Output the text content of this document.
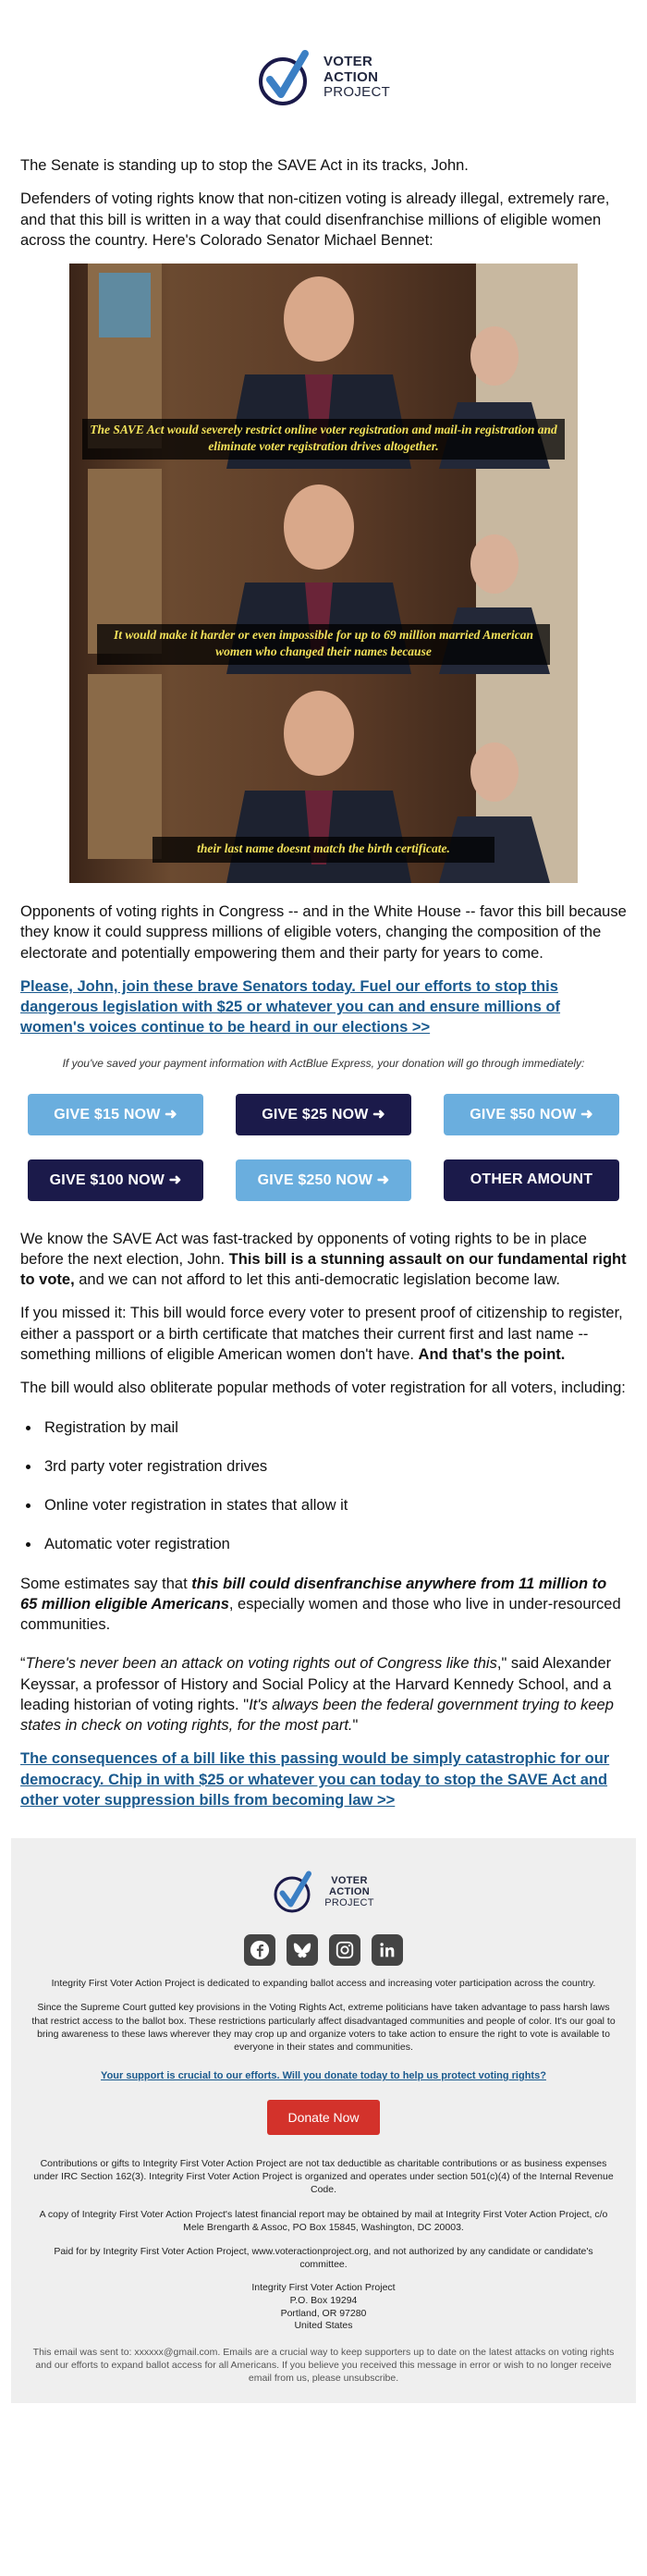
VOTER
ACTION
PROJECT

The Senate is standing up to stop the SAVE Act in its tracks, John.

Defenders of voting rights know that non-citizen voting is already illegal, extremely rare, and that this bill is written in a way that could disenfranchise millions of eligible women across the country. Here's Colorado Senator Michael Bennet:

The SAVE Act would severely restrict online voter registration and mail-in registration and eliminate voter registration drives altogether.
It would make it harder or even impossible for up to 69 million married American women who changed their names because
their last name doesnt match the birth certificate.

Opponents of voting rights in Congress -- and in the White House -- favor this bill because they know it could suppress millions of eligible voters, changing the composition of the electorate and potentially empowering them and their party for years to come.

Please, John, join these brave Senators today. Fuel our efforts to stop this dangerous legislation with $25 or whatever you can and ensure millions of women's voices continue to be heard in our elections >>

If you've saved your payment information with ActBlue Express, your donation will go through immediately:

GIVE $15 NOW ➜	GIVE $25 NOW ➜	GIVE $50 NOW ➜
GIVE $100 NOW ➜	GIVE $250 NOW ➜	OTHER AMOUNT

We know the SAVE Act was fast-tracked by opponents of voting rights to be in place before the next election, John. This bill is a stunning assault on our fundamental right to vote, and we can not afford to let this anti-democratic legislation become law.

If you missed it: This bill would force every voter to present proof of citizenship to register, either a passport or a birth certificate that matches their current first and last name -- something millions of eligible American women don't have. And that's the point.

The bill would also obliterate popular methods of voter registration for all voters, including:

• Registration by mail
• 3rd party voter registration drives
• Online voter registration in states that allow it
• Automatic voter registration

Some estimates say that this bill could disenfranchise anywhere from 11 million to 65 million eligible Americans, especially women and those who live in under-resourced communities.

“There's never been an attack on voting rights out of Congress like this," said Alexander Keyssar, a professor of History and Social Policy at the Harvard Kennedy School, and a leading historian of voting rights. "It's always been the federal government trying to keep states in check on voting rights, for the most part."

The consequences of a bill like this passing would be simply catastrophic for our democracy. Chip in with $25 or whatever you can today to stop the SAVE Act and other voter suppression bills from becoming law >>
VOTER
ACTION
PROJECT

Integrity First Voter Action Project is dedicated to expanding ballot access and increasing voter participation across the country.

Since the Supreme Court gutted key provisions in the Voting Rights Act, extreme politicians have taken advantage to pass harsh laws that restrict access to the ballot box. These restrictions particularly affect disadvantaged communities and people of color. It's our goal to bring awareness to these laws wherever they may crop up and organize voters to take action to ensure the right to vote is available to everyone in their states and communities.

Your support is crucial to our efforts. Will you donate today to help us protect voting rights?
Donate Now

Contributions or gifts to Integrity First Voter Action Project are not tax deductible as charitable contributions or as business expenses under IRC Section 162(3). Integrity First Voter Action Project is organized and operates under section 501(c)(4) of the Internal Revenue Code.

A copy of Integrity First Voter Action Project's latest financial report may be obtained by mail at Integrity First Voter Action Project, c/o Mele Brengarth & Assoc, PO Box 15845, Washington, DC 20003.

Paid for by Integrity First Voter Action Project, www.voteractionproject.org, and not authorized by any candidate or candidate's committee.

Integrity First Voter Action Project
P.O. Box 19294
Portland, OR 97280
United States

This email was sent to: xxxxxx@gmail.com. Emails are a crucial way to keep supporters up to date on the latest attacks on voting rights and our efforts to expand ballot access for all Americans. If you believe you received this message in error or wish to no longer receive email from us, please unsubscribe.
